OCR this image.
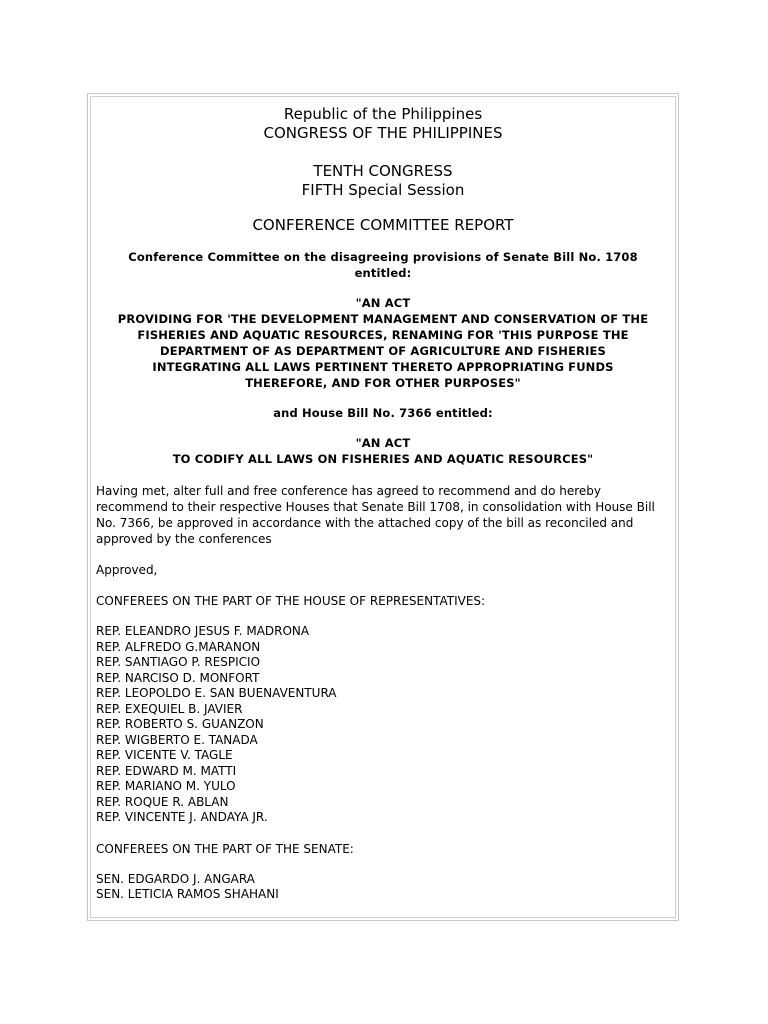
Republic of the Philippines
CONGRESS OF THE PHILIPPINES
TENTH CONGRESS
FIFTH Special Session
CONFERENCE COMMITTEE REPORT
Conference Committee on the disagreeing provisions of Senate Bill No. 1708
entitled:
"AN ACT
PROVIDING FOR 'THE DEVELOPMENT MANAGEMENT AND CONSERVATION OF THE
FISHERIES AND AQUATIC RESOURCES, RENAMING FOR 'THIS PURPOSE THE
DEPARTMENT OF AS DEPARTMENT OF AGRICULTURE AND FISHERIES
INTEGRATING ALL LAWS PERTINENT THERETO APPROPRIATING FUNDS
THEREFORE, AND FOR OTHER PURPOSES"
and House Bill No. 7366 entitled:
"AN ACT
TO CODIFY ALL LAWS ON FISHERIES AND AQUATIC RESOURCES"
Having met, alter full and free conference has agreed to recommend and do hereby
recommend to their respective Houses that Senate Bill 1708, in consolidation with House Bill
No. 7366, be approved in accordance with the attached copy of the bill as reconciled and
approved by the conferences
Approved,
CONFEREES ON THE PART OF THE HOUSE OF REPRESENTATIVES:
REP. ELEANDRO JESUS F. MADRONA
REP. ALFREDO G.MARANON
REP. SANTIAGO P. RESPICIO
REP. NARCISO D. MONFORT
REP. LEOPOLDO E. SAN BUENAVENTURA
REP. EXEQUIEL B. JAVIER
REP. ROBERTO S. GUANZON
REP. WIGBERTO E. TANADA
REP. VICENTE V. TAGLE
REP. EDWARD M. MATTI
REP. MARIANO M. YULO
REP. ROQUE R. ABLAN
REP. VINCENTE J. ANDAYA JR.
CONFEREES ON THE PART OF THE SENATE:
SEN. EDGARDO J. ANGARA
SEN. LETICIA RAMOS SHAHANI
